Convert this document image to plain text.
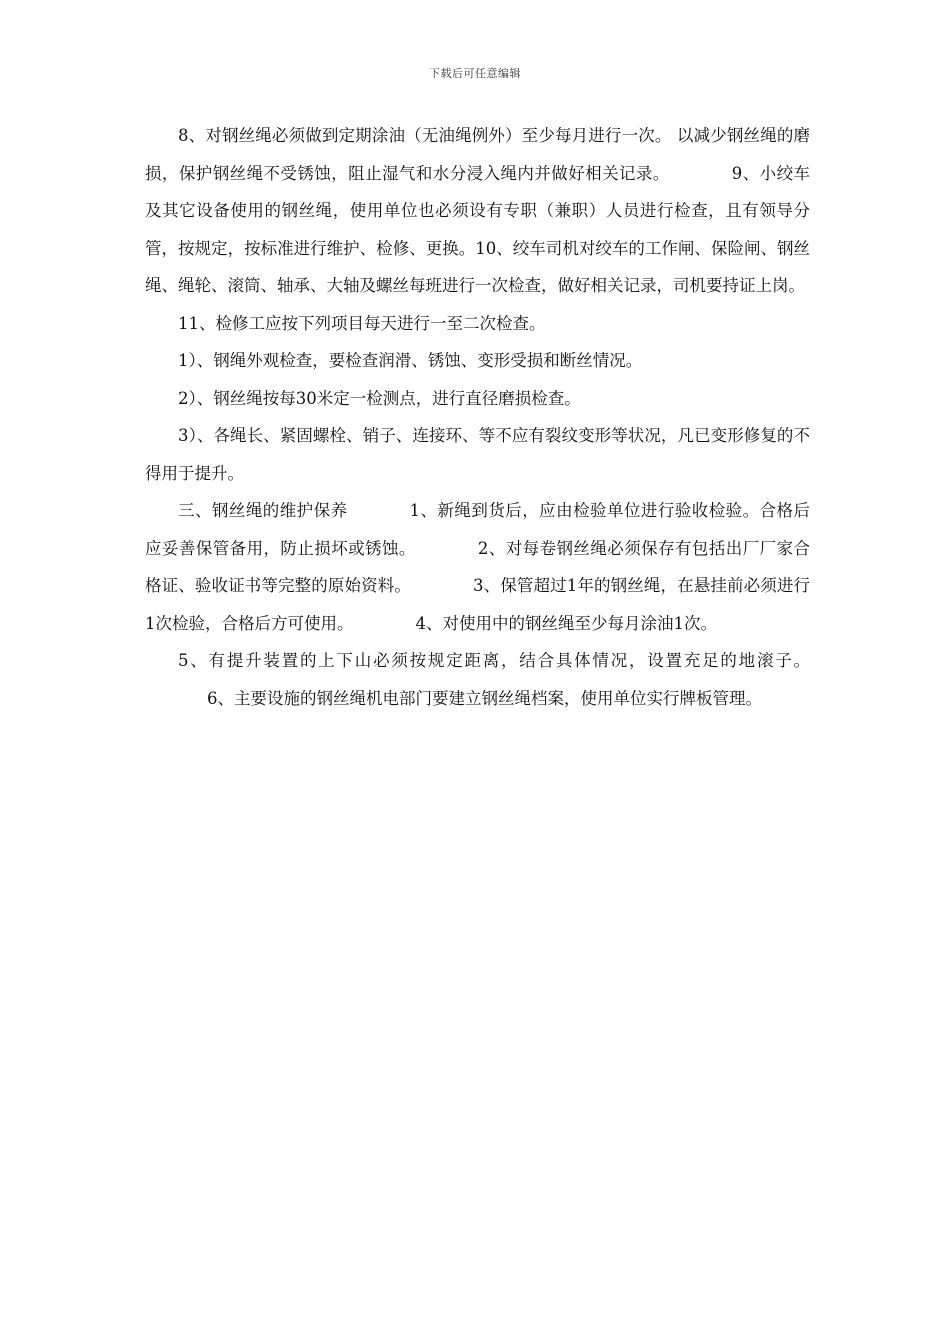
下载后可任意编辑

8、对钢丝绳必须做到定期涂油（无油绳例外）至少每月进行一次。 以减少钢丝绳的磨损，保护钢丝绳不受锈蚀，阻止湿气和水分浸入绳内并做好相关记录。	9、小绞车及其它设备使用的钢丝绳，使用单位也必须设有专职（兼职）人员进行检查，且有领导分管，按规定，按标准进行维护、检修、更换。10、绞车司机对绞车的工作闸、保险闸、钢丝绳、绳轮、滚筒、轴承、大轴及螺丝每班进行一次检查，做好相关记录，司机要持证上岗。

11、检修工应按下列项目每天进行一至二次检查。

1）、钢绳外观检查，要检查润滑、锈蚀、变形受损和断丝情况。

2）、钢丝绳按每30米定一检测点，进行直径磨损检查。

3）、各绳长、紧固螺栓、销子、连接环、等不应有裂纹变形等状况，凡已变形修复的不得用于提升。

三、钢丝绳的维护保养	1、新绳到货后，应由检验单位进行验收检验。合格后应妥善保管备用，防止损坏或锈蚀。	2、对每卷钢丝绳必须保存有包括出厂厂家合格证、验收证书等完整的原始资料。	3、保管超过1年的钢丝绳，在悬挂前必须进行1次检验，合格后方可使用。	4、对使用中的钢丝绳至少每月涂油1次。

5、有提升装置的上下山必须按规定距离，结合具体情况，设置充足的地滚子。6、主要设施的钢丝绳机电部门要建立钢丝绳档案，使用单位实行牌板管理。
